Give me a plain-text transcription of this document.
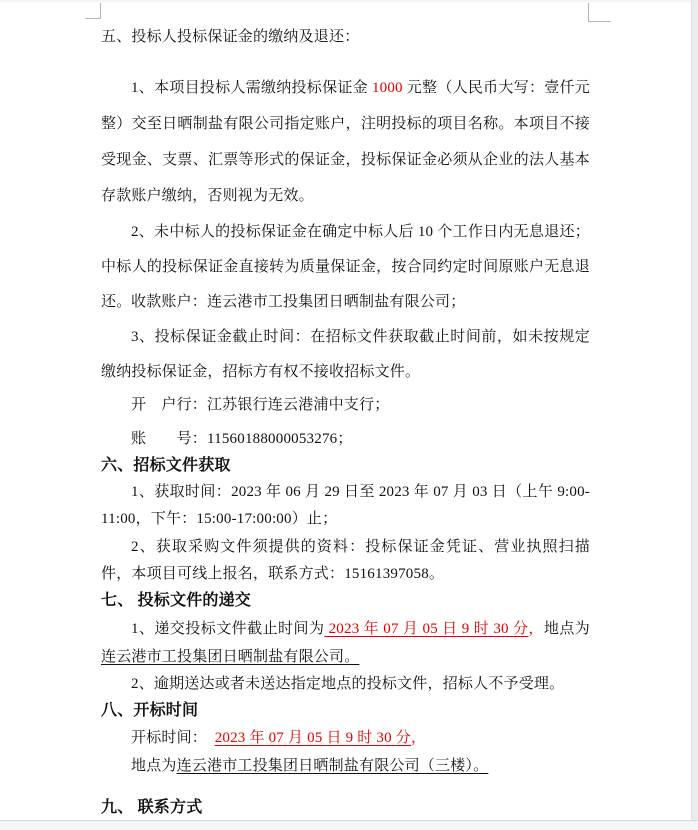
五、投标人投标保证金的缴纳及退还：
1、本项目投标人需缴纳投标保证金 1000 元整（人民币大写：壹仟元整）交至日晒制盐有限公司指定账户，注明投标的项目名称。本项目不接受现金、支票、汇票等形式的保证金，投标保证金必须从企业的法人基本存款账户缴纳，否则视为无效。
2、未中标人的投标保证金在确定中标人后 10 个工作日内无息退还；中标人的投标保证金直接转为质量保证金，按合同约定时间原账户无息退还。 收款账户：连云港市工投集团日晒制盐有限公司；
3、投标保证金截止时间：在招标文件获取截止时间前，如未按规定缴纳投标保证金，招标方有权不接收招标文件。
开　户行：江苏银行连云港浦中支行；
账　　号：11560188000053276；
六、招标文件获取
1、获取时间：2023 年 06 月 29 日至 2023 年 07 月 03 日（上午 9:00-11:00，下午：15:00-17:00:00）止；
2、获取采购文件须提供的资料：投标保证金凭证、营业执照扫描件，本项目可线上报名，联系方式：15161397058。
七、 投标文件的递交
1、递交投标文件截止时间为 2023 年 07 月 05 日 9 时 30 分，地点为连云港市工投集团日晒制盐有限公司。
2、逾期送达或者未送达指定地点的投标文件，招标人不予受理。
八、开标时间
开标时间：　2023 年 07 月 05 日 9 时 30 分，
地点为连云港市工投集团日晒制盐有限公司（三楼）。
九、 联系方式
